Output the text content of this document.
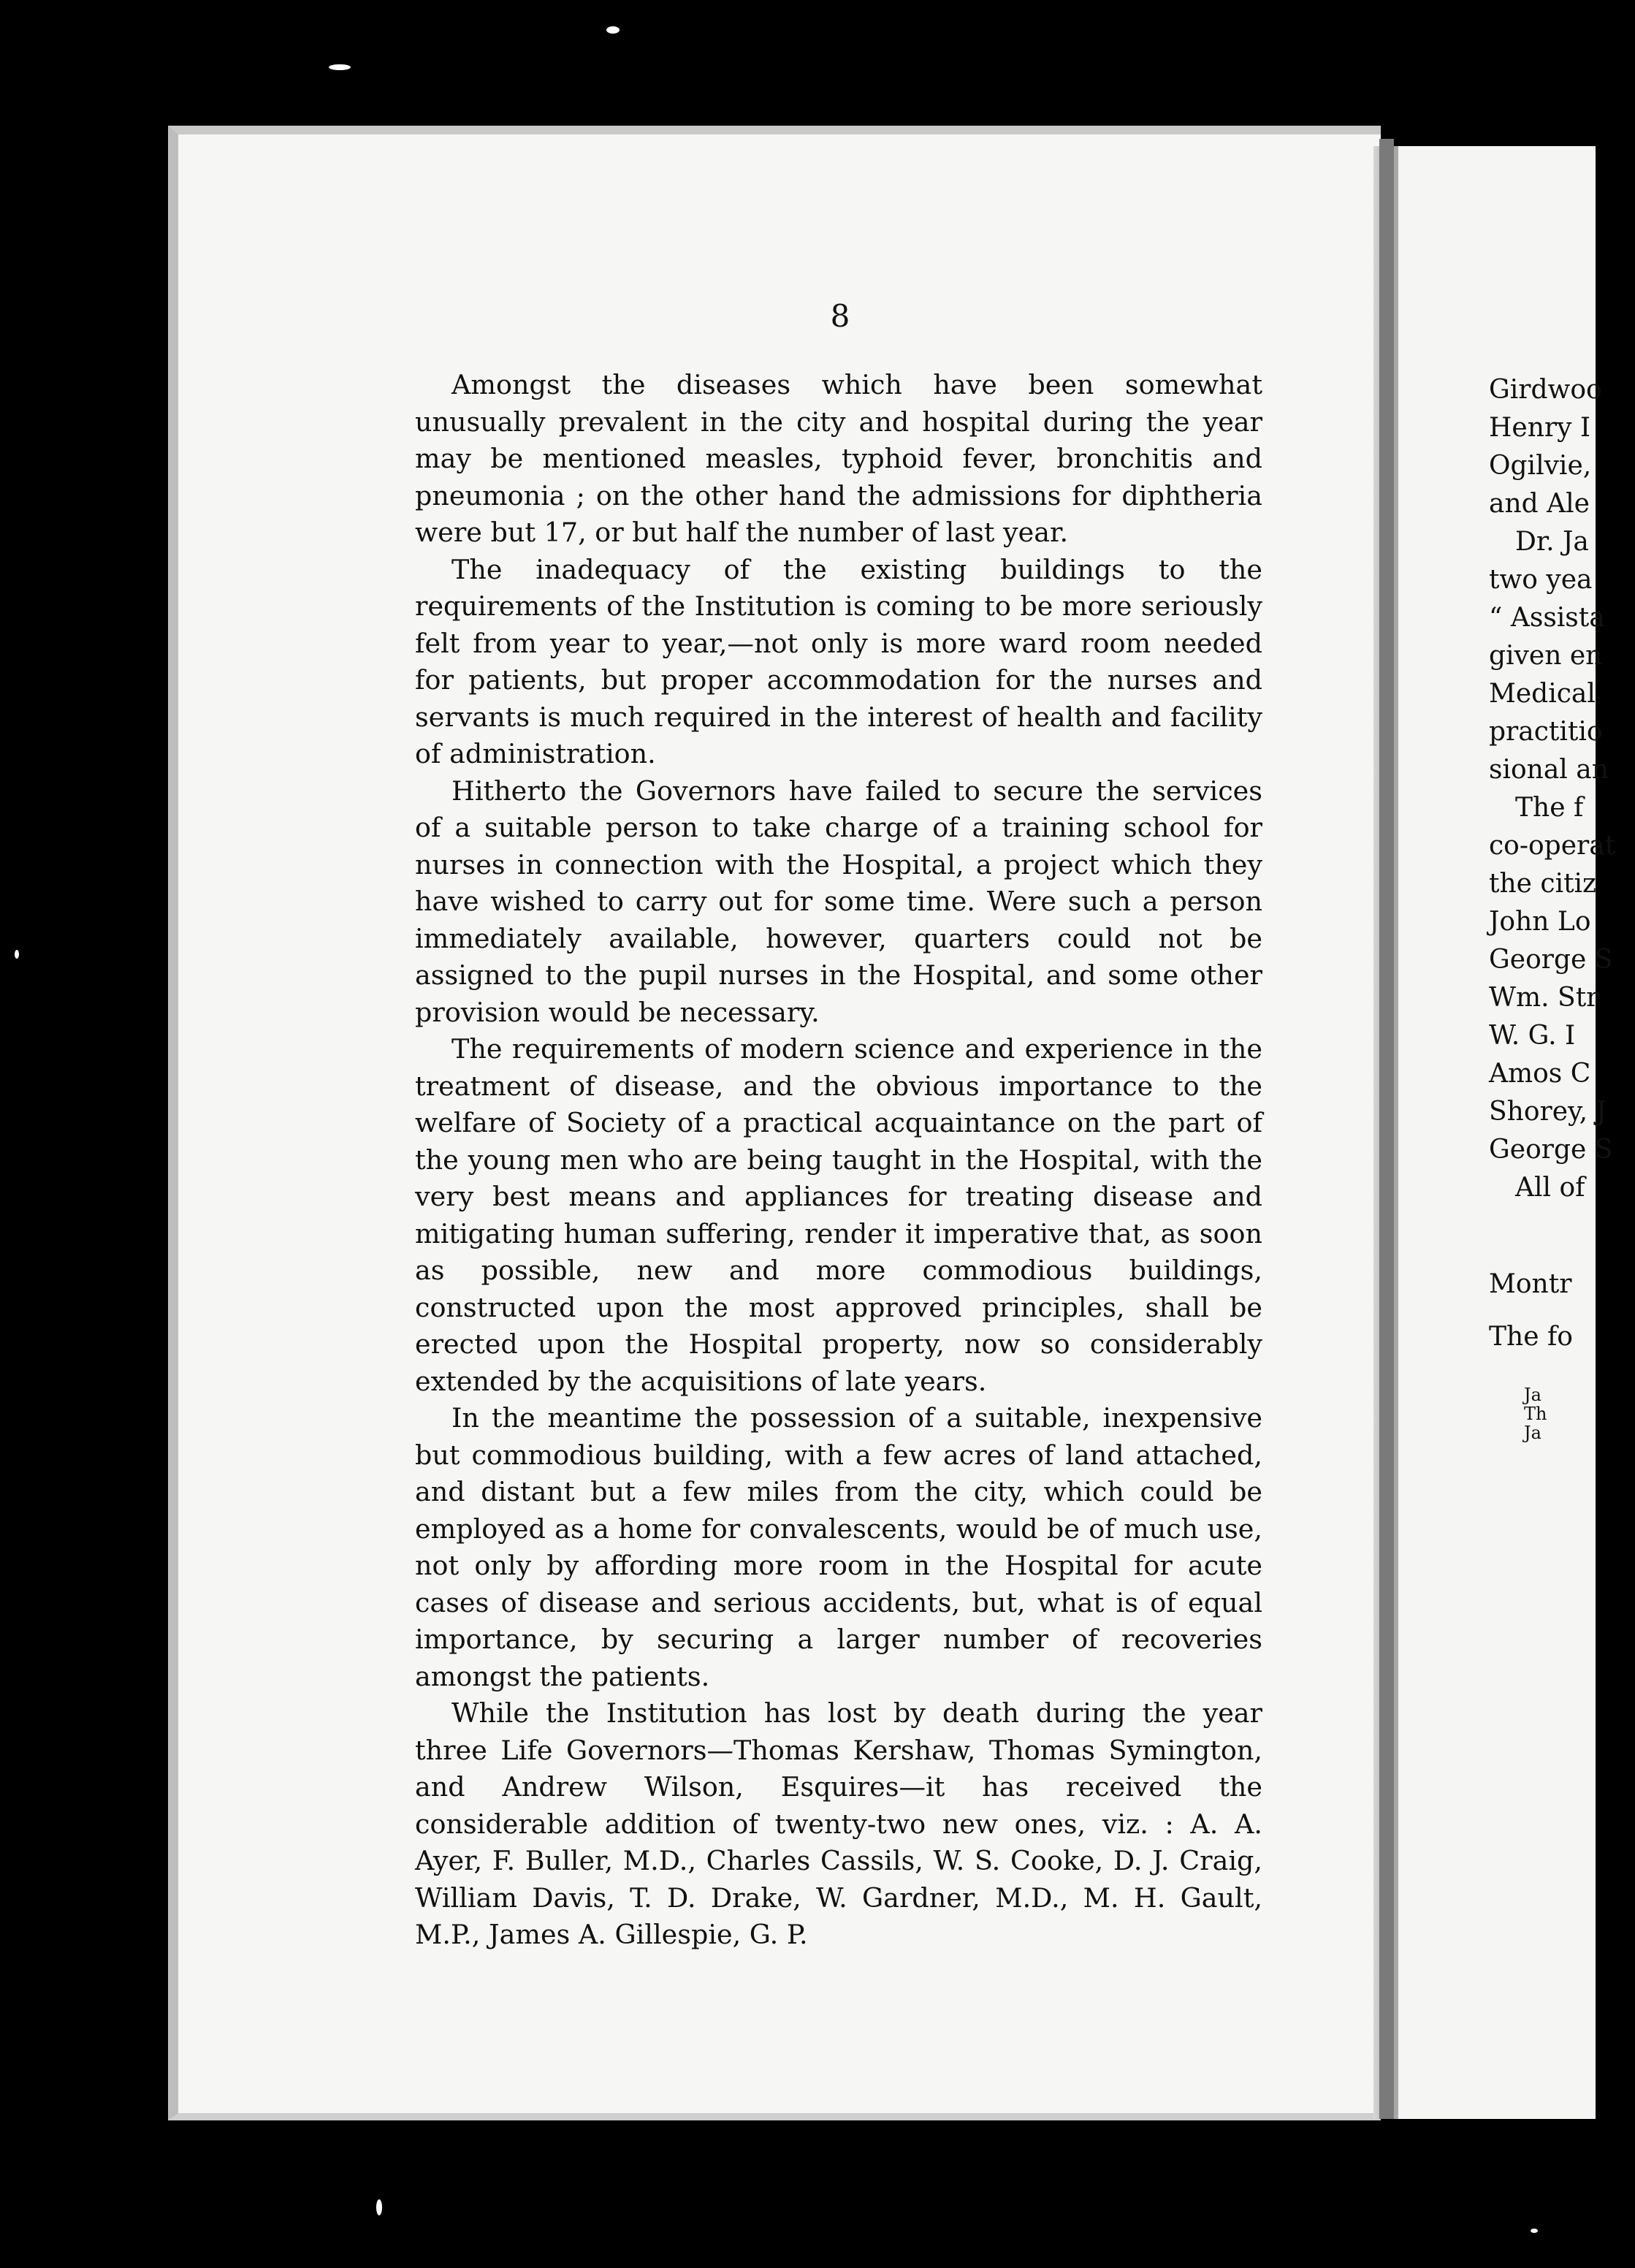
8

Amongst the diseases which have been somewhat unusually prevalent in the city and hospital during the year may be mentioned measles, typhoid fever, bronchitis and pneumonia ; on the other hand the admissions for diphtheria were but 17, or but half the number of last year.

The inadequacy of the existing buildings to the requirements of the Institution is coming to be more seriously felt from year to year,—not only is more ward room needed for patients, but proper accommodation for the nurses and servants is much required in the interest of health and facility of administration.

Hitherto the Governors have failed to secure the services of a suitable person to take charge of a training school for nurses in connection with the Hospital, a project which they have wished to carry out for some time. Were such a person immediately available, however, quarters could not be assigned to the pupil nurses in the Hospital, and some other provision would be necessary.

The requirements of modern science and experience in the treatment of disease, and the obvious importance to the welfare of Society of a practical acquaintance on the part of the young men who are being taught in the Hospital, with the very best means and appliances for treating disease and mitigating human suffering, render it imperative that, as soon as possible, new and more commodious buildings, constructed upon the most approved principles, shall be erected upon the Hospital property, now so considerably extended by the acquisitions of late years.

In the meantime the possession of a suitable, inexpensive but commodious building, with a few acres of land attached, and distant but a few miles from the city, which could be employed as a home for convalescents, would be of much use, not only by affording more room in the Hospital for acute cases of disease and serious accidents, but, what is of equal importance, by securing a larger number of recoveries amongst the patients.

While the Institution has lost by death during the year three Life Governors—Thomas Kershaw, Thomas Symington, and Andrew Wilson, Esquires—it has received the considerable addition of twenty-two new ones, viz. : A. A. Ayer, F. Buller, M.D., Charles Cassils, W. S. Cooke, D. J. Craig, William Davis, T. D. Drake, W. Gardner, M.D., M. H. Gault, M.P., James A. Gillespie, G. P.

Girdwoo
Henry I
Ogilvie,
and Ale
Dr. Ja
two yea
“ Assista
given en
Medical
practitio
sional an
The f
co-operat
the citiz
John Lo
George S
Wm. Str
W. G. I
Amos C
Shorey, J
George S
All of
Montr
The fo
Ja
Th
Ja
